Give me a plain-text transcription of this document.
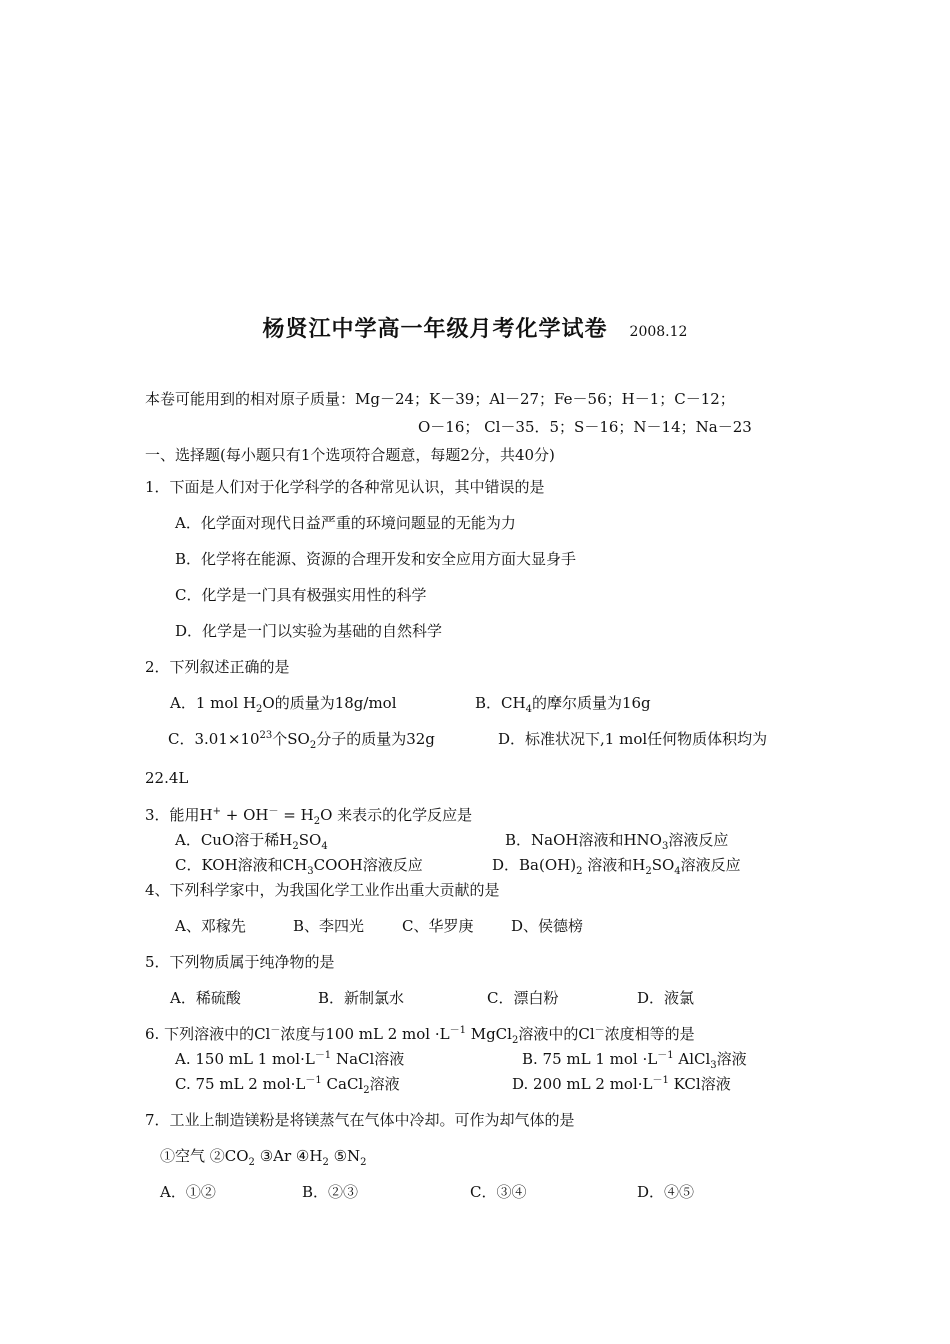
杨贤江中学高一年级月考化学试卷 2008.12
本卷可能用到的相对原子质量：Mg－24；K－39；Al－27；Fe－56；H－1；C－12；
O－16； Cl－35．5；S－16；N－14；Na－23
一、选择题(每小题只有1个选项符合题意，每题2分，共40分)
1．下面是人们对于化学科学的各种常见认识，其中错误的是
A．化学面对现代日益严重的环境问题显的无能为力
B．化学将在能源、资源的合理开发和安全应用方面大显身手
C．化学是一门具有极强实用性的科学
D．化学是一门以实验为基础的自然科学
2．下列叙述正确的是
A．1 mol $H_2O$的质量为18g/mol	B．$CH_4$的摩尔质量为16g
C．$3.01\times 10^{23}$个$SO_2$分子的质量为32g	D．标准状况下,1 mol任何物质体积均为
22.4L
3．能用$H^+ + OH^- = H_2O$ 来表示的化学反应是
A．CuO溶于稀$H_2SO_4$	B．NaOH溶液和$HNO_3$溶液反应
C．KOH溶液和$CH_3COOH$溶液反应	D．$Ba(OH)_2$ 溶液和$H_2SO_4$溶液反应
4、下列科学家中，为我国化学工业作出重大贡献的是
A、邓稼先	B、李四光	C、华罗庚	D、侯德榜
5．下列物质属于纯净物的是
A．稀硫酸	B．新制氯水	C．漂白粉	D．液氯
6. 下列溶液中的Cl－浓度与100 mL 2 mol $\cdot L^{-1}$ MgCl$_2$溶液中的Cl－浓度相等的是
A. 150 mL 1 $mol\cdot L^{-1}$ NaCl溶液	B. 75 mL 1 mol $\cdot L^{-1}$ AlCl$_3$溶液
C. 75 mL 2 $mol\cdot L^{-1}$ CaCl$_2$溶液	D. 200 mL 2 $mol\cdot L^{-1}$ KCl溶液
7．工业上制造镁粉是将镁蒸气在气体中冷却。可作为却气体的是
①空气 $②CO_2$ ③Ar $④H_2$ $⑤N_2$
A．①②	B．②③	C．③④	D．④⑤
